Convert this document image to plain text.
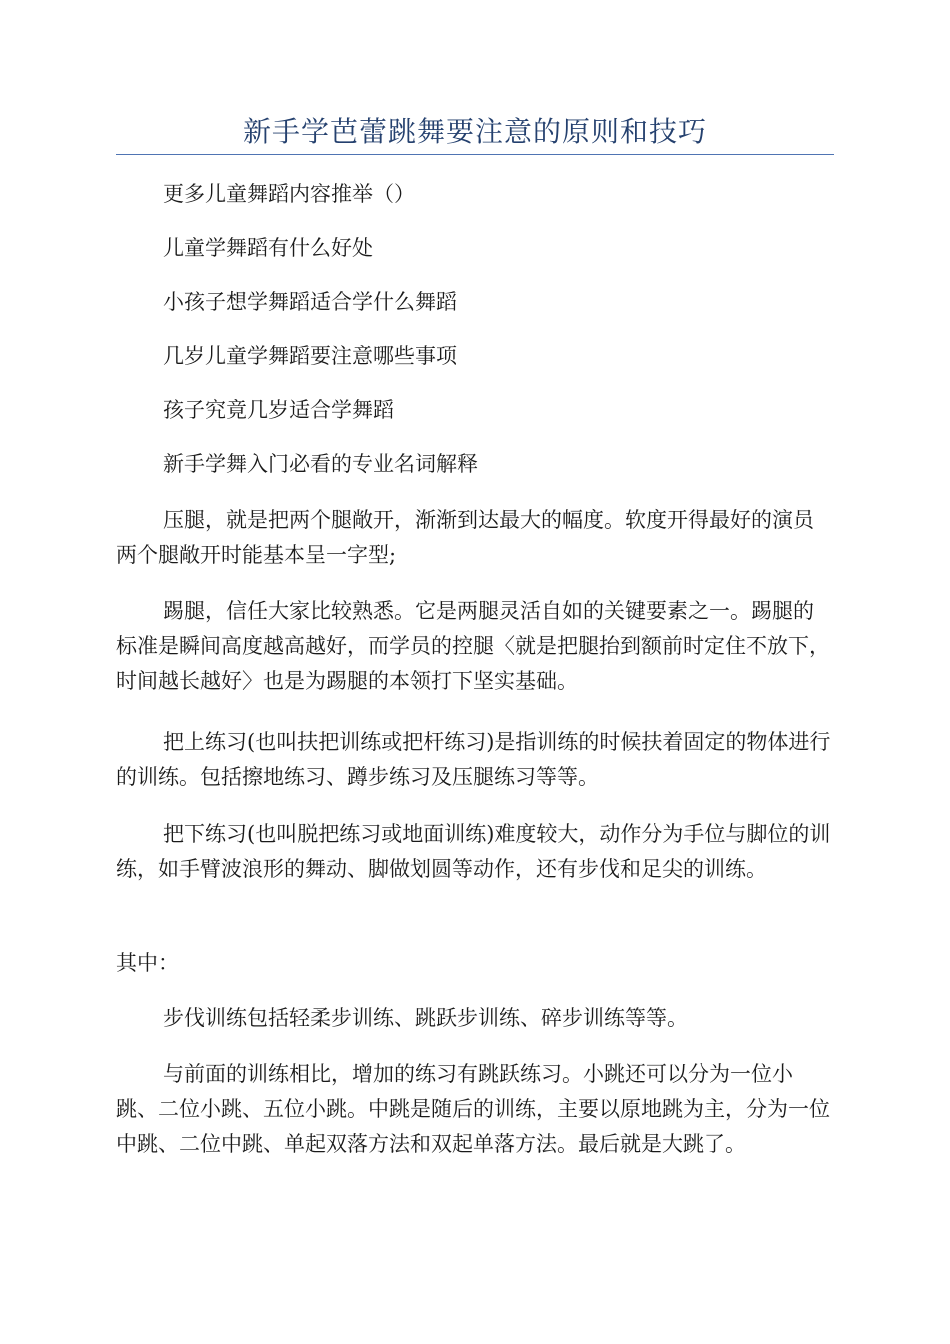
新手学芭蕾跳舞要注意的原则和技巧

更多儿童舞蹈内容推举（）

儿童学舞蹈有什么好处

小孩子想学舞蹈适合学什么舞蹈

几岁儿童学舞蹈要注意哪些事项

孩子究竟几岁适合学舞蹈

新手学舞入门必看的专业名词解释

压腿，就是把两个腿敞开，渐渐到达最大的幅度。软度开得最好的演员两个腿敞开时能基本呈一字型;

踢腿，信任大家比较熟悉。它是两腿灵活自如的关键要素之一。踢腿的标准是瞬间高度越高越好，而学员的控腿〈就是把腿抬到额前时定住不放下，时间越长越好〉也是为踢腿的本领打下坚实基础。

把上练习(也叫扶把训练或把杆练习)是指训练的时候扶着固定的物体进行的训练。包括擦地练习、蹲步练习及压腿练习等等。

把下练习(也叫脱把练习或地面训练)难度较大，动作分为手位与脚位的训练，如手臂波浪形的舞动、脚做划圆等动作，还有步伐和足尖的训练。

其中：

步伐训练包括轻柔步训练、跳跃步训练、碎步训练等等。

与前面的训练相比，增加的练习有跳跃练习。小跳还可以分为一位小跳、二位小跳、五位小跳。中跳是随后的训练，主要以原地跳为主，分为一位中跳、二位中跳、单起双落方法和双起单落方法。最后就是大跳了。
